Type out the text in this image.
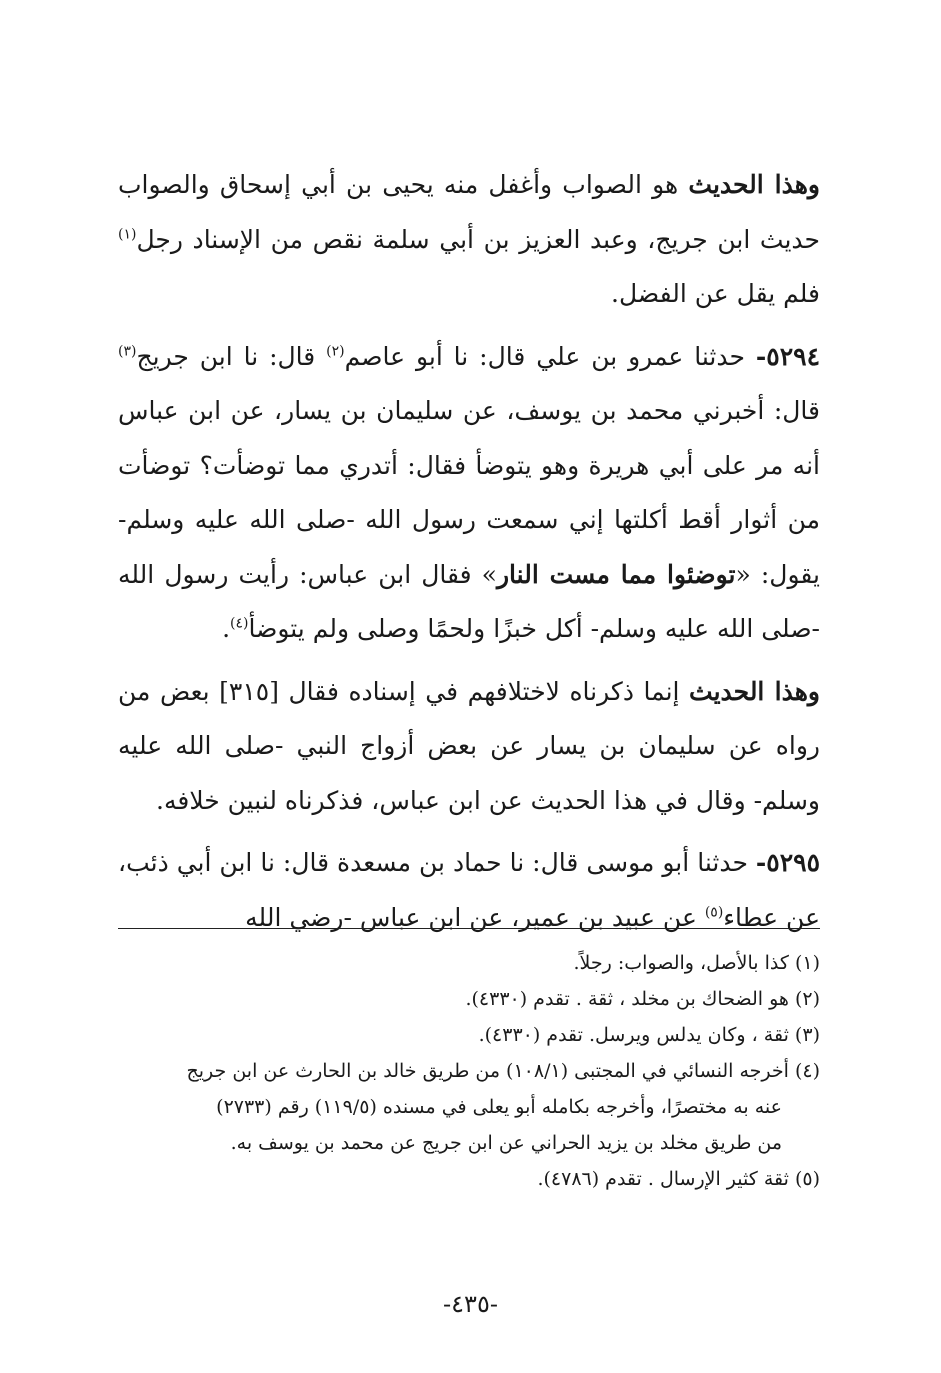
وهذا الحديث هو الصواب وأغفل منه يحيى بن أبي إسحاق والصواب حديث ابن جريج، وعبد العزيز بن أبي سلمة نقص من الإسناد رجل$^{(١)}$ فلم يقل عن الفضل.

٥٢٩٤- حدثنا عمرو بن علي قال: نا أبو عاصم$^{(٢)}$ قال: نا ابن جريج$^{(٣)}$ قال: أخبرني محمد بن يوسف، عن سليمان بن يسار، عن ابن عباس أنه مر على أبي هريرة وهو يتوضأ فقال: أتدري مما توضأت؟ توضأت من أثوار أقط أكلتها إني سمعت رسول الله -صلى الله عليه وسلم- يقول: «توضئوا مما مست النار» فقال ابن عباس: رأيت رسول الله -صلى الله عليه وسلم- أكل خبزًا ولحمًا وصلى ولم يتوضأ$^{(٤)}$.

وهذا الحديث إنما ذكرناه لاختلافهم في إسناده فقال [٣١٥] بعض من رواه عن سليمان بن يسار عن بعض أزواج النبي -صلى الله عليه وسلم- وقال في هذا الحديث عن ابن عباس، فذكرناه لنبين خلافه.

٥٢٩٥- حدثنا أبو موسى قال: نا حماد بن مسعدة قال: نا ابن أبي ذئب، عن عطاء$^{(٥)}$ عن عبيد بن عمير، عن ابن عباس -رضي الله

(١) كذا بالأصل، والصواب: رجلاً.

(٢) هو الضحاك بن مخلد ، ثقة . تقدم (٤٣٣٠).

(٣) ثقة ، وكان يدلس ويرسل. تقدم (٤٣٣٠).

(٤) أخرجه النسائي في المجتبى (١٠٨/١) من طريق خالد بن الحارث عن ابن جريج

عنه به مختصرًا، وأخرجه بكامله أبو يعلى في مسنده (١١٩/٥) رقم (٢٧٣٣)

من طريق مخلد بن يزيد الحراني عن ابن جريج عن محمد بن يوسف به.

(٥) ثقة كثير الإرسال . تقدم (٤٧٨٦).

-٤٣٥-
